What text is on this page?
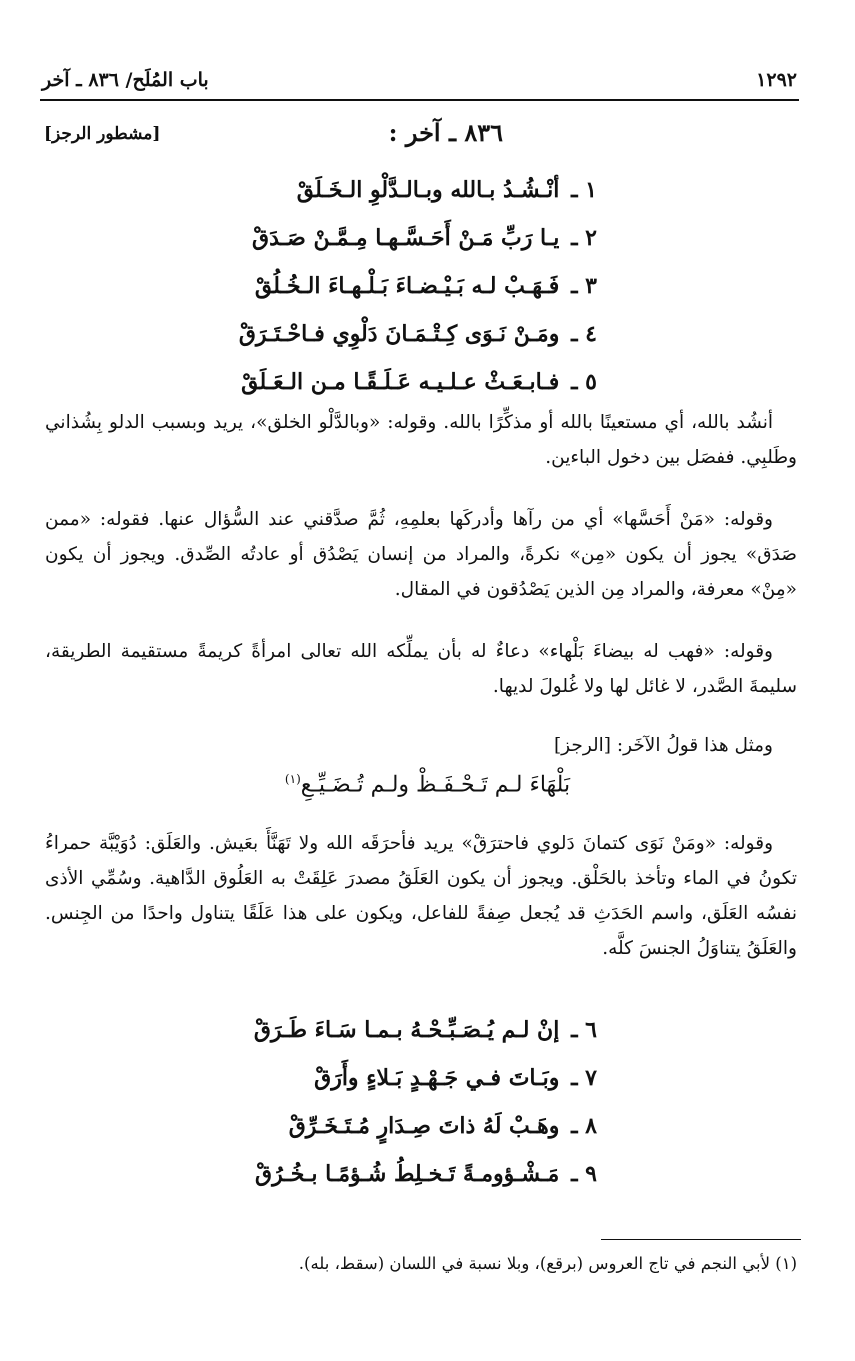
١٢٩٢
باب المُلَح/ ٨٣٦ ـ آخر
٨٣٦ ـ آخر :
[مشطور الرجز]
١ ـ أنْـشُـدُ بـالله وبـالـدَّلْوِ الـخَـلَقْ
٢ ـ يـا رَبِّ مَـنْ أَحَـسَّـهـا مِـمَّـنْ صَـدَقْ
٣ ـ فَـهَـبْ لـه بَـيْـضـاءَ بَـلْـهـاءَ الـخُـلُقْ
٤ ـ ومَـنْ نَـوَى كِـتْـمَـانَ دَلْوِي فـاحْـتَـرَقْ
٥ ـ فـابـعَـثْ عـلـيـه عَـلَـقًـا مـن الـعَـلَقْ

أنشُد بالله، أي مستعينًا بالله أو مذكِّرًا بالله. وقوله: «وبالدَّلْو الخلق»، يريد وبسبب الدلو بِشُذاني وطَلبِي. ففصَل بين دخول الباءين.

وقوله: «مَنْ أَحَسَّها» أي من رآها وأدركَها بعلمِهِ، ثُمَّ صدَّقني عند السُّؤال عنها. فقوله: «ممن صَدَق» يجوز أن يكون «مِن» نكرةً، والمراد من إنسان يَصْدُق أو عادتُه الصِّدق. ويجوز أن يكون «مِنْ» معرفة، والمراد مِن الذين يَصْدُقون في المقال.

وقوله: «فهب له بيضاءَ بَلْهاء» دعاءٌ له بأن يملِّكه الله تعالى امرأةً كريمةً مستقيمة الطريقة، سليمةَ الصَّدر، لا غائل لها ولا غُلولَ لديها.

ومثل هذا قولُ الآخَر: [الرجز]

بَلْهَاءَ لـم تَـحْـفَـظْ ولـم تُـضَـيِّـعِ$^{(١)}$

وقوله: «ومَنْ نَوَى كتمانَ دَلوي فاحترَقْ» يريد فأحرَقَه الله ولا تَهَنَّأَ بعَيش. والعَلَق: دُوَيْبَّة حمراءُ تكونُ في الماء وتأخذ بالحَلْق. ويجوز أن يكون العَلَقُ مصدرَ عَلِقَتْ به العَلُوق الدَّاهية. وسُمِّي الأذى نفسُه العَلَق، واسم الحَدَثِ قد يُجعل صِفةً للفاعل، ويكون على هذا عَلَقًا يتناول واحدًا من الجِنس. والعَلَقُ يتناوَلُ الجنسَ كلَّه.

٦ ـ إنْ لـم يُـصَـبِّـحْـهُ بـمـا سَـاءَ طَـرَقْ
٧ ـ وبَـاتَ فـي جَـهْـدٍ بَـلاءٍ وأَرَقْ
٨ ـ وهَـبْ لَهُ ذاتَ صِـدَارٍ مُـتَـخَـرِّقْ
٩ ـ مَـشْـؤومـةً تَـخـلِطُ شُـؤمًـا بـخُـرُقْ
(١) لأبي النجم في تاج العروس (برقع)، وبلا نسبة في اللسان (سقط، بله).
